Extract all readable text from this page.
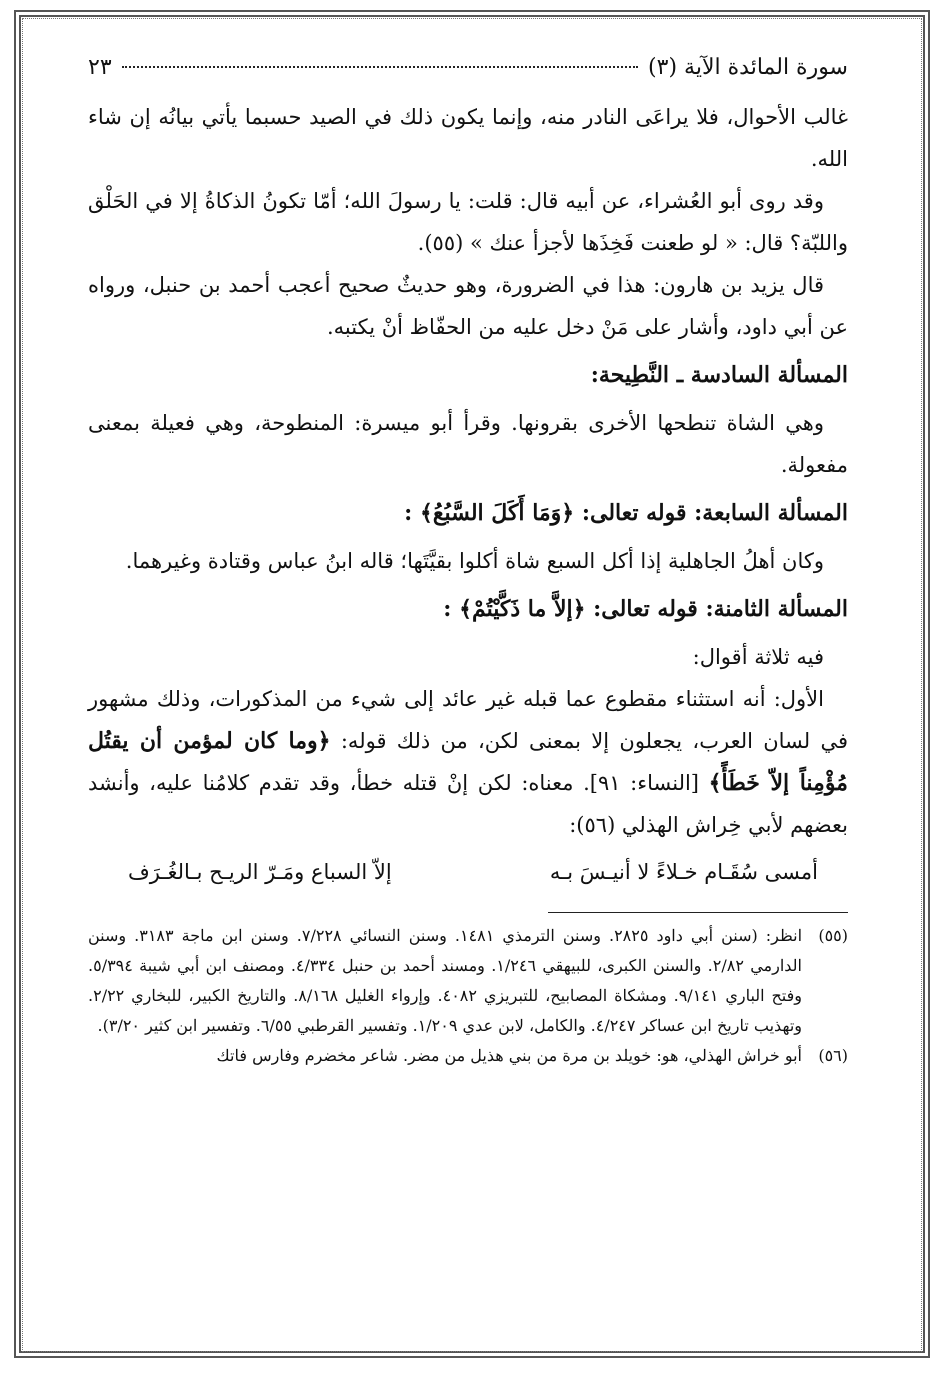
سورة المائدة الآية (٣)
٢٣

غالب الأحوال، فلا يراعَى النادر منه، وإنما يكون ذلك في الصيد حسبما يأتي بيانُه إن شاء الله.

وقد روى أبو العُشراء، عن أبيه قال: قلت: يا رسولَ الله؛ أمّا تكونُ الذكاةُ إلا في الحَلْق واللبّة؟ قال: « لو طعنت فَخِذَها لأجزأ عنك » (٥٥).

قال يزيد بن هارون: هذا في الضرورة، وهو حديثٌ صحيح أعجب أحمد بن حنبل، ورواه عن أبي داود، وأشار على مَنْ دخل عليه من الحفّاظ أنْ يكتبه.

المسألة السادسة ـ النَّطِيحة:

وهي الشاة تنطحها الأخرى بقرونها. وقرأ أبو ميسرة: المنطوحة، وهي فعيلة بمعنى مفعولة.

المسألة السابعة: قوله تعالى: ﴿وَمَا أَكَلَ السَّبُعُ﴾ :

وكان أهلُ الجاهلية إذا أكل السبع شاة أكلوا بقيَّتَها؛ قاله ابنُ عباس وقتادة وغيرهما.

المسألة الثامنة: قوله تعالى: ﴿إلاَّ ما ذَكَّيْتُمْ﴾ :

فيه ثلاثة أقوال:

الأول: أنه استثناء مقطوع عما قبله غير عائد إلى شيء من المذكورات، وذلك مشهور في لسان العرب، يجعلون إلا بمعنى لكن، من ذلك قوله: ﴿وما كان لمؤمن أن يقتُل مُؤْمِناً إلاّ خَطَأً﴾ [النساء: ٩١]. معناه: لكن إنْ قتله خطأ، وقد تقدم كلامُنا عليه، وأنشد بعضهم لأبي خِراش الهذلي (٥٦):

أمسى سُقَـام خـلاءً لا أنيـسَ بـه
إلاّ السباع ومَـرّ الريـح بـالغُـرَف
(٥٥)
انظر: (سنن أبي داود ٢٨٢٥. وسنن الترمذي ١٤٨١. وسنن النسائي ٧/٢٢٨. وسنن ابن ماجة ٣١٨٣. وسنن الدارمي ٢/٨٢. والسنن الكبرى، للبيهقي ١/٢٤٦. ومسند أحمد بن حنبل ٤/٣٣٤. ومصنف ابن أبي شيبة ٥/٣٩٤. وفتح الباري ٩/١٤١. ومشكاة المصابيح، للتبريزي ٤٠٨٢. وإرواء الغليل ٨/١٦٨. والتاريخ الكبير، للبخاري ٢/٢٢. وتهذيب تاريخ ابن عساكر ٤/٢٤٧. والكامل، لابن عدي ١/٢٠٩. وتفسير القرطبي ٦/٥٥. وتفسير ابن كثير ٣/٢٠).
(٥٦)
أبو خراش الهذلي، هو: خويلد بن مرة من بني هذيل من مضر. شاعر مخضرم وفارس فاتك
